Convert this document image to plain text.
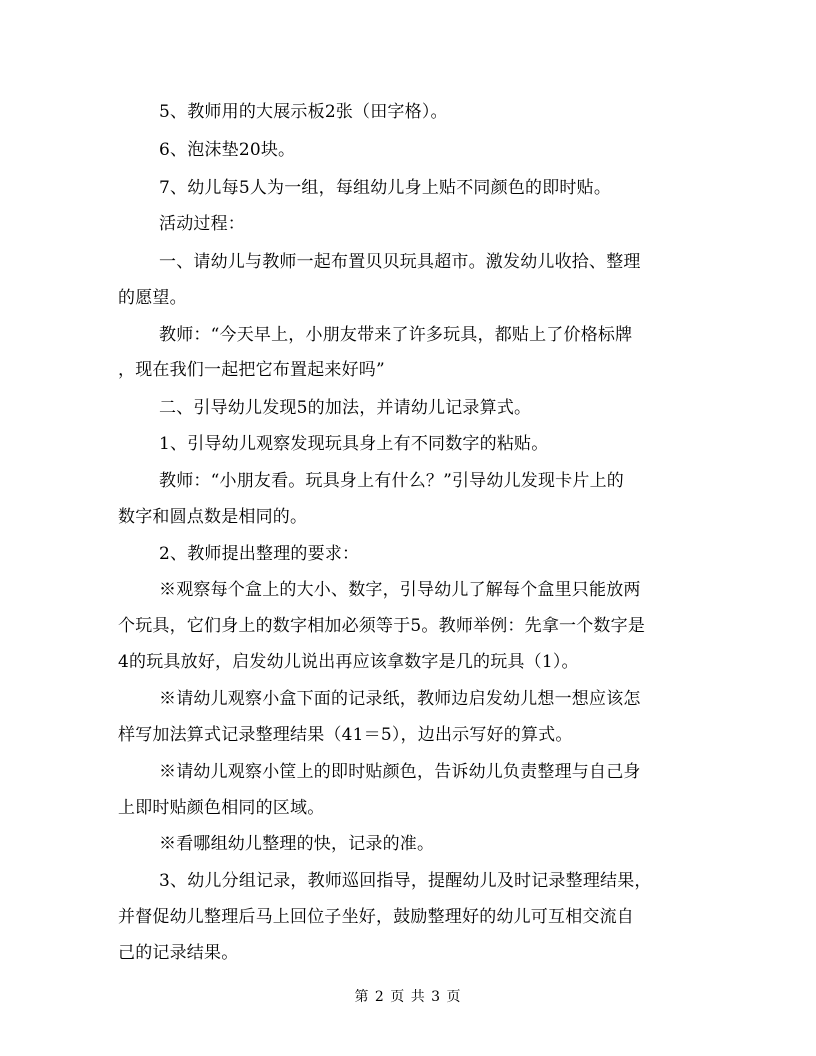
5、教师用的大展示板2张（田字格）。
6、泡沫垫20块。
7、幼儿每5人为一组，每组幼儿身上贴不同颜色的即时贴。
活动过程：
一、请幼儿与教师一起布置贝贝玩具超市。激发幼儿收拾、整理
的愿望。
教师：“今天早上，小朋友带来了许多玩具，都贴上了价格标牌
，现在我们一起把它布置起来好吗”
二、引导幼儿发现5的加法，并请幼儿记录算式。
1、引导幼儿观察发现玩具身上有不同数字的粘贴。
教师：“小朋友看。玩具身上有什么？”引导幼儿发现卡片上的
数字和圆点数是相同的。
2、教师提出整理的要求：
※观察每个盒上的大小、数字，引导幼儿了解每个盒里只能放两
个玩具，它们身上的数字相加必须等于5。教师举例：先拿一个数字是
4的玩具放好，启发幼儿说出再应该拿数字是几的玩具（1）。
※请幼儿观察小盒下面的记录纸，教师边启发幼儿想一想应该怎
样写加法算式记录整理结果（41＝5），边出示写好的算式。
※请幼儿观察小筐上的即时贴颜色，告诉幼儿负责整理与自己身
上即时贴颜色相同的区域。
※看哪组幼儿整理的快，记录的准。
3、幼儿分组记录，教师巡回指导，提醒幼儿及时记录整理结果，
并督促幼儿整理后马上回位子坐好，鼓励整理好的幼儿可互相交流自
己的记录结果。
第 2 页 共 3 页
